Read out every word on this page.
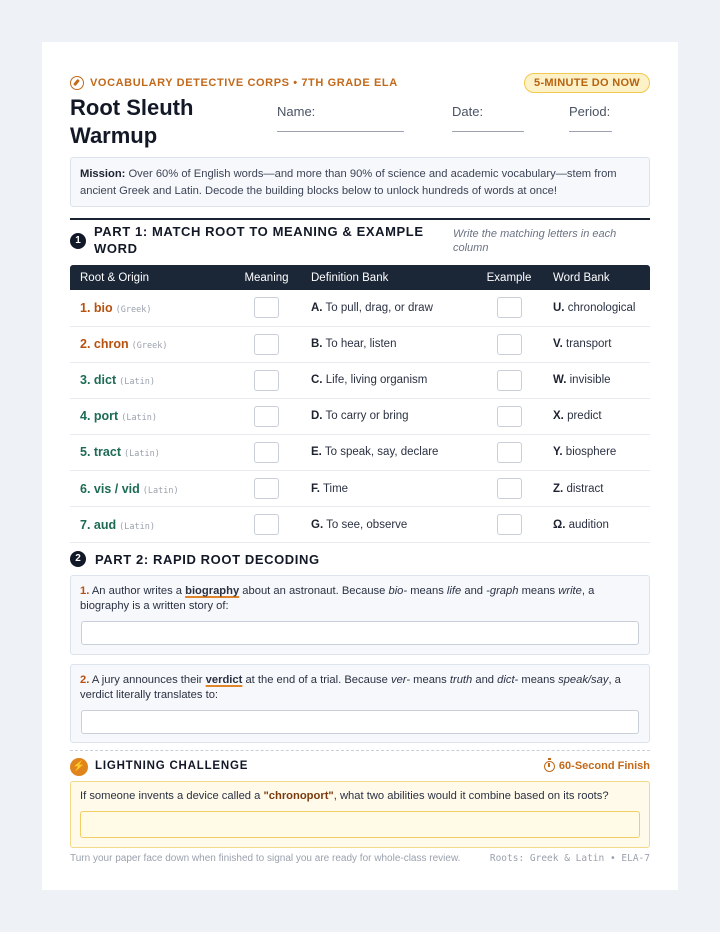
VOCABULARY DETECTIVE CORPS • 7TH GRADE ELA	5-MINUTE DO NOW
Root Sleuth Warmup
Name:	Date:	Period:
Mission: Over 60% of English words—and more than 90% of science and academic vocabulary—stem from ancient Greek and Latin. Decode the building blocks below to unlock hundreds of words at once!
1
PART 1: MATCH ROOT TO MEANING & EXAMPLE WORD
Write the matching letters in each column
Root & Origin	Meaning	Definition Bank	Example	Word Bank
1. bio (Greek)		A. To pull, drag, or draw		U. chronological
2. chron (Greek)		B. To hear, listen		V. transport
3. dict (Latin)		C. Life, living organism		W. invisible
4. port (Latin)		D. To carry or bring		X. predict
5. tract (Latin)		E. To speak, say, declare		Y. biosphere
6. vis / vid (Latin)		F. Time		Z. distract
7. aud (Latin)		G. To see, observe		Ω. audition
2	PART 2: RAPID ROOT DECODING
1. An author writes a biography about an astronaut. Because bio- means life and -graph means write, a biography is a written story of:
2. A jury announces their verdict at the end of a trial. Because ver- means truth and dict- means speak/say, a verdict literally translates to:
⚡ LIGHTNING CHALLENGE	60-Second Finish
If someone invents a device called a "chronoport", what two abilities would it combine based on its roots?
Turn your paper face down when finished to signal you are ready for whole-class review.	Roots: Greek & Latin • ELA-7
